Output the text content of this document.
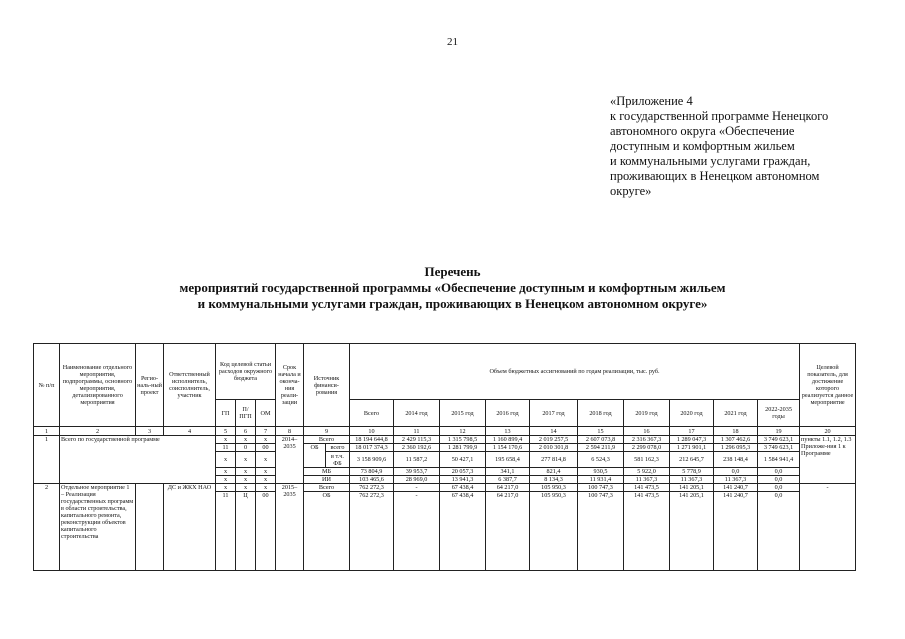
21
«Приложение 4
к государственной программе Ненецкого
автономного округа «Обеспечение
доступным и комфортным жильем
и коммунальными услугами граждан,
проживающих в Ненецком автономном
округе»
Перечень
мероприятий государственной программы «Обеспечение доступным и комфортным жильем
и коммунальными услугами граждан, проживающих в Ненецком автономном округе»
№ п/п	Наименование отдельного мероприятия, подпрограммы, основного мероприятия, детализированного мероприятия	Регио-наль-ный проект	Ответственный исполнитель, соисполнитель, участник	Код целевой статьи расходов окружного бюджета			Срок начала и оконча-ния реали-зации	Источник финанси-рования		Объем бюджетных ассигнований по годам реализации, тыс. руб.										Целевой показатель, для достижение которого реализуется данное мероприятие
				ГП	П/ ПГП	ОМ				Всего	2014 год	2015 год	2016 год	2017 год	2018 год	2019 год	2020 год	2021 год	2022-2035 годы	
1	2	3	4	5	6	7	8	9		10	11	12	13	14	15	16	17	18	19	20
1	Всего по государственной программе			х	х	х	2014–2035	Всего		18 194 644,8	2 429 115,3	1 315 798,5	1 160 899,4	2 019 257,5	2 607 073,8	2 316 367,3	1 289 047,3	1 307 462,6	3 749 623,1	пункты 1.1, 1.2, 1.3 Приложе-ния 1 к Программе
				11	0	00		ОБ	всего	18 017 374,3	2 360 192,6	1 281 799,9	1 154 170,6	2 010 301,8	2 594 211,9	2 299 078,0	1 271 901,1	1 296 095,3	3 749 623,1	
				х	х	х			в т.ч. ФБ	3 158 909,6	11 587,2	50 427,1	195 658,4	277 814,8	6 524,3	581 162,3	212 645,7	238 148,4	1 584 941,4	
				х	х	х		МБ		73 804,9	39 953,7	20 057,3	341,1	821,4	930,5	5 922,0	5 778,9	0,0	0,0	
				х	х	х		ИИ		103 465,6	28 969,0	13 941,3	6 387,7	8 134,3	11 931,4	11 367,3	11 367,3	11 367,3	0,0	
2	Отдельное мероприятие 1 – Реализация государственных программ в области строительства, капитального ремонта, реконструкции объектов капитального строительства		ДС и ЖКХ НАО	х	х	х	2015–2035	Всего		762 272,3	-	67 438,4	64 217,0	105 950,3	100 747,3	141 473,5	141 205,1	141 240,7	0,0	-
				11	Ц	00		ОБ		762 272,3	-	67 438,4	64 217,0	105 950,3	100 747,3	141 473,5	141 205,1	141 240,7	0,0	
